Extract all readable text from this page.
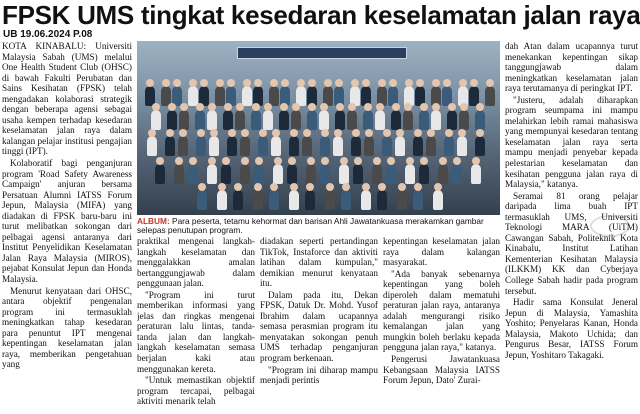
FPSK UMS tingkat kesedaran keselamatan jalan raya
UB 19.06.2024 P.08

KOTA KINABALU: Universiti Malaysia Sabah (UMS) melalui One Health Student Club (OHSC) di bawah Fakulti Perubatan dan Sains Kesihatan (FPSK) telah mengadakan kolaborasi strategik dengan beberapa agensi sebagai usaha kempen terhadap kesedaran keselamatan jalan raya dalam kalangan pelajar institusi pengajian tinggi (IPT).

Kolaboratif bagi penganjuran program 'Road Safety Awareness Campaign' anjuran bersama Persatuan Alumni IATSS Forum Jepun, Malaysia (MIFA) yang diadakan di FPSK baru-baru ini turut melibatkan sokongan dari pelbagai agensi antaranya dari Institut Penyelidikan Keselamatan Jalan Raya Malaysia (MIROS), pejabat Konsulat Jepun dan Honda Malaysia.

Menurut kenyataan dari OHSC, antara objektif pengenalan program ini termasuklah meningkatkan tahap kesedaran para penuntut IPT mengenai kepentingan keselamatan jalan raya, memberikan pengetahuan yang

ALBUM: Para peserta, tetamu kehormat dan barisan Ahli Jawatankuasa merakamkan gambar selepas penutupan program.

praktikal mengenai langkah-langkah keselamatan dan menggalakkan amalan bertanggungjawab dalam penggunaan jalan.

"Program ini turut memberikan informasi yang jelas dan ringkas mengenai peraturan lalu lintas, tanda-tanda jalan dan langkah-langkah keselamatan semasa berjalan kaki atau menggunakan kereta.

"Untuk memastikan objektif program tercapai, pelbagai aktiviti menarik telah

diadakan seperti pertandingan TikTok, Instaforce dan aktiviti latihan dalam kumpulan," demikian menurut kenyataan itu.

Dalam pada itu, Dekan FPSK, Datuk Dr. Mohd. Yusof Ibrahim dalam ucapannya semasa perasmian program itu menyatakan sokongan penuh UMS terhadap penganjuran program berkenaan.

"Program ini diharap mampu menjadi perintis

kepentingan keselamatan jalan raya dalam kalangan masyarakat.

"Ada banyak sebenarnya kepentingan yang boleh diperoleh dalam mematuhi peraturan jalan raya, antaranya adalah mengurangi risiko kemalangan jalan yang mungkin boleh berlaku kepada pengguna jalan raya," katanya.

Pengerusi Jawatankuasa Kebangsaan Malaysia IATSS Forum Jepun, Dato' Zurai-

dah Atan dalam ucapannya turut menekankan kepentingan sikap tanggungjawab dalam meningkatkan keselamatan jalan raya terutamanya di peringkat IPT.

"Justeru, adalah diharapkan program seumpama ini mampu melahirkan lebih ramai mahasiswa yang mempunyai kesedaran tentang keselamatan jalan raya serta mampu menjadi penyebar kepada pelestarian keselamatan dan kesihatan pengguna jalan raya di Malaysia," katanya.

Seramai 81 orang pelajar daripada lima buah IPT termasuklah UMS, Universiti Teknologi MARA (UiTM) Cawangan Sabah, Politeknik Kota Kinabalu, Institut Latihan Kementerian Kesihatan Malaysia (ILKKM) KK dan Cyberjaya College Sabah hadir pada program tersebut.

Hadir sama Konsulat Jeneral Jepun di Malaysia, Yamashita Yoshito; Penyelaras Kanan, Honda Malaysia, Makoto Uchida; dan Pengurus Besar, IATSS Forum Jepun, Yoshitaro Takagaki.
